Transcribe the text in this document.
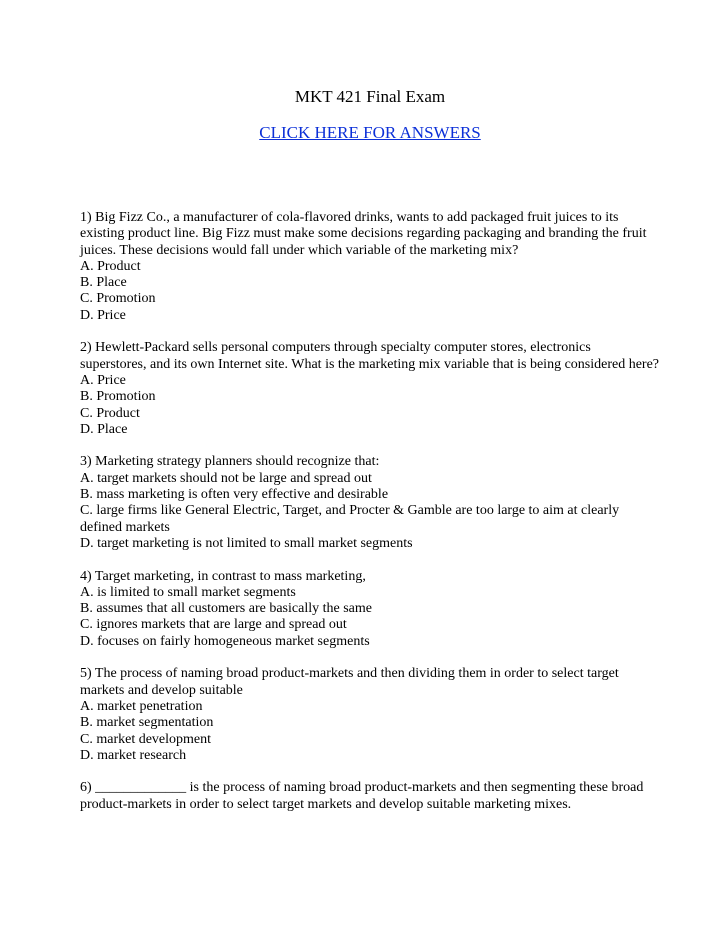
MKT 421 Final Exam
CLICK HERE FOR ANSWERS
1) Big Fizz Co., a manufacturer of cola-flavored drinks, wants to add packaged fruit juices to its existing product line. Big Fizz must make some decisions regarding packaging and branding the fruit juices. These decisions would fall under which variable of the marketing mix?
A. Product
B. Place
C. Promotion
D. Price
2) Hewlett-Packard sells personal computers through specialty computer stores, electronics superstores, and its own Internet site. What is the marketing mix variable that is being considered here?
A. Price
B. Promotion
C. Product
D. Place
3) Marketing strategy planners should recognize that:
A. target markets should not be large and spread out
B. mass marketing is often very effective and desirable
C. large firms like General Electric, Target, and Procter & Gamble are too large to aim at clearly defined markets
D. target marketing is not limited to small market segments
4) Target marketing, in contrast to mass marketing,
A. is limited to small market segments
B. assumes that all customers are basically the same
C. ignores markets that are large and spread out
D. focuses on fairly homogeneous market segments
5) The process of naming broad product-markets and then dividing them in order to select target markets and develop suitable
A. market penetration
B. market segmentation
C. market development
D. market research
6) _____________ is the process of naming broad product-markets and then segmenting these broad product-markets in order to select target markets and develop suitable marketing mixes.
